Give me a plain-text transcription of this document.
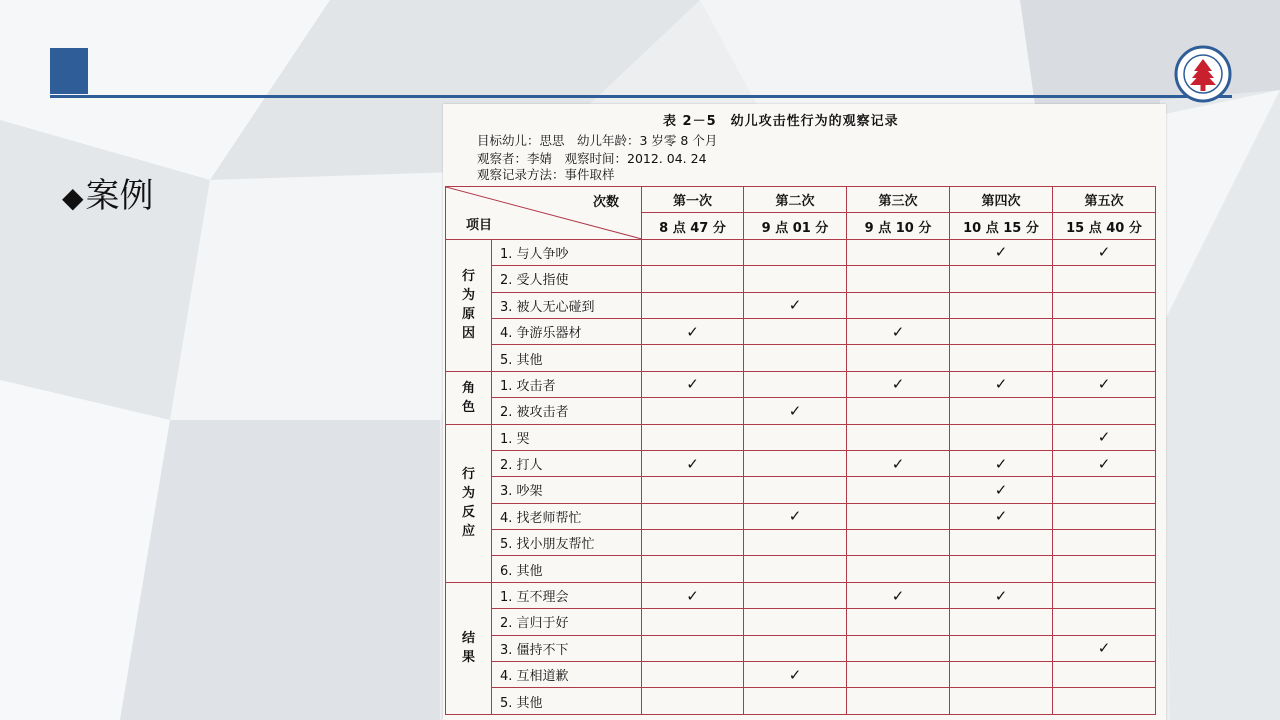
◆案例
表 2－5　幼儿攻击性行为的观察记录
目标幼儿：思思　幼儿年龄：3 岁零 8 个月
观察者：李婧　观察时间：2012. 04. 24
观察记录方法：事件取样
次数
项目		第一次	第二次	第三次	第四次	第五次
		8 点 47 分	9 点 01 分	9 点 10 分	10 点 15 分	15 点 40 分

行
为
原
因	1. 与人争吵				✓	✓
	2. 受人指使					
	3. 被人无心碰到		✓			
	4. 争游乐器材	✓		✓		
	5. 其他					

角
色	1. 攻击者	✓		✓	✓	✓
	2. 被攻击者		✓			

行
为
反
应	1. 哭					✓
	2. 打人	✓		✓	✓	✓
	3. 吵架				✓	
	4. 找老师帮忙		✓		✓	
	5. 找小朋友帮忙					
	6. 其他					

结
果	1. 互不理会	✓		✓	✓	
	2. 言归于好					
	3. 僵持不下					✓
	4. 互相道歉		✓			
	5. 其他					
